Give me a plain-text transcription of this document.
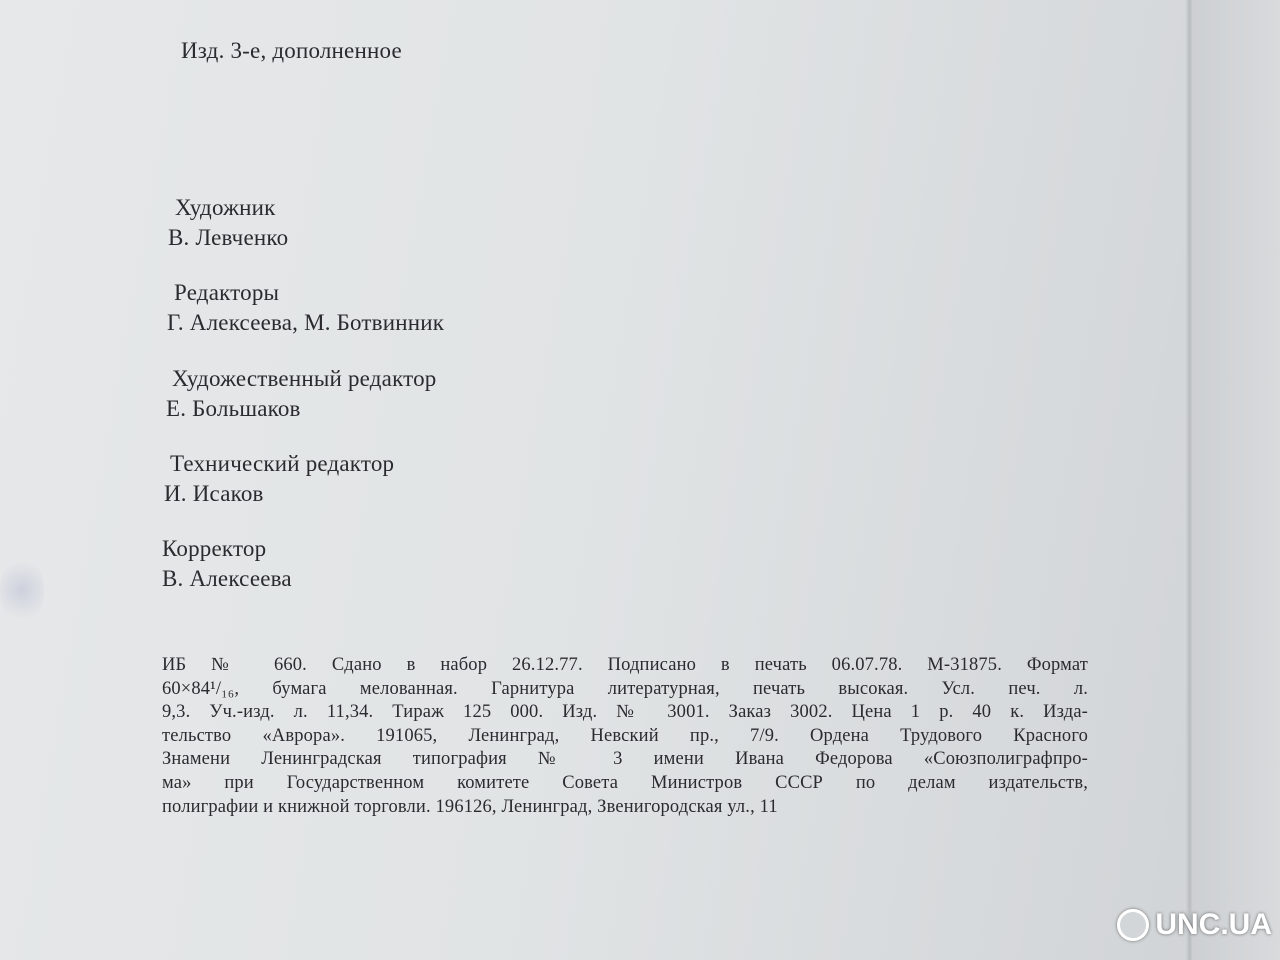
Изд. 3-е, дополненное
Художник
В. Левченко
Редакторы
Г. Алексеева, М. Ботвинник
Художественный редактор
Е. Большаков
Технический редактор
И. Исаков
Корректор
В. Алексеева
ИБ № 660. Сдано в набор 26.12.77. Подписано в печать 06.07.78. М-31875. Формат
60×84¹/₁₆, бумага мелованная. Гарнитура литературная, печать высокая. Усл. печ. л.
9,3. Уч.-изд. л. 11,34. Тираж 125 000. Изд. № 3001. Заказ 3002. Цена 1 р. 40 к. Изда-
тельство «Аврора». 191065, Ленинград, Невский пр., 7/9. Ордена Трудового Красного
Знамени Ленинградская типография № 3 имени Ивана Федорова «Союзполиграфпро-
ма» при Государственном комитете Совета Министров СССР по делам издательств,
полиграфии и книжной торговли. 196126, Ленинград, Звенигородская ул., 11
UNC.UA
